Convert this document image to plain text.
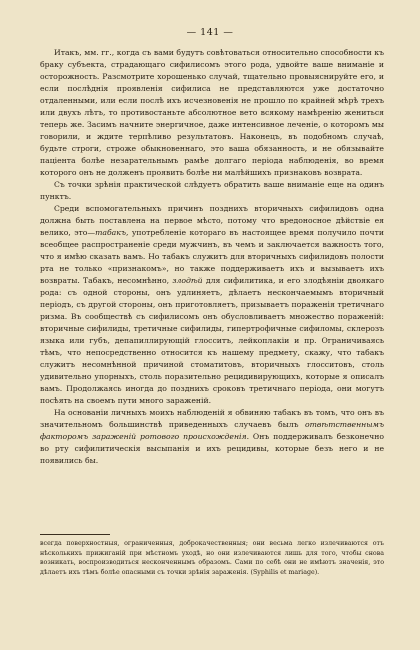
— 141 —

Итакъ, мм. гг., когда съ вами будутъ совѣтоваться относительно способности къ браку субъекта, страдающаго сифилисомъ этого рода, удвойте ваше вниманіе и осторожность. Разсмотрите хорошенько случай, тщательно провыяснируйте его, и если послѣднія проявленія сифилиса не представляются уже достаточно отдаленными, или если послѣ ихъ исчезновенія не прошло по крайней мѣрѣ трехъ или двухъ лѣтъ, то противостаньте абсолютное вето всякому намѣренію жениться теперь же. Засимъ начните энергичное, даже интенсивное леченіе, о которомъ мы говорили, и ждите терпѣливо результатовъ. Наконецъ, въ подобномъ случаѣ, будьте строги, строже обыкновеннаго, это ваша обязанность, и не обязывайте паціента болѣе незарательнымъ рамѣе долгаго періода наблюденія, во время которого онъ не долженъ проявить болѣе ни малѣйшихъ признаковъ возврата.

Съ точки зрѣнія практической слѣдуетъ обратить ваше вниманіе еще на одинъ пунктъ.

Среди вспомогательныхъ причинъ позднихъ вторичныхъ сифилидовъ одна должна быть поставлена на первое мѣсто, потому что вредоносное дѣйствіе ея велико, это—табакъ, употребленіе котораго въ настоящее время получило почти всеобщее распространеніе среди мужчинъ, въ чемъ и заключается важность того, что я имѣю сказать вамъ. Но табакъ служитъ для вторичныхъ сифилидовъ полости рта не только «признакомъ», но также поддерживаетъ ихъ и вызываетъ ихъ возвраты. Табакъ, несомнѣнно, злодѣй для сифилитика, и его злодѣяніи двоякаго рода: съ одной стороны, онъ удлиняетъ, дѣлаетъ нескончаемымъ вторичный періодъ, съ другой стороны, онъ приготовляетъ, призываетъ пораженія третичнаго ризма. Въ сообществѣ съ сифилисомъ онъ обусловливаетъ множество пораженій: вторичные сифилиды, третичные сифилиды, гипертрофичные сифиломы, склерозъ языка или губъ, депапиллирующій глосситъ, лейкоплакіи и пр. Ограничиваясь тѣмъ, что непосредственно относится къ нашему предмету, скажу, что табакъ служитъ несомнѣнной причиной стоматитовъ, вторичныхъ глосситовъ, столь удивительно упорныхъ, столь поразительно рецидивирующихъ, которые я описалъ вамъ. Продолжаясь иногда до позднихъ сроковъ третичнаго періода, они могутъ посѣять на своемъ пути много зараженій.

На основаніи личныхъ моихъ наблюденій я обвиняю табакъ въ томъ, что онъ въ значительномъ большинствѣ приведенныхъ случаевъ былъ отвѣтственнымъ факторомъ зараженій ротового происхожденія. Онъ поддерживалъ безконечно во рту сифилитическія высыпанія и ихъ рецидивы, которые безъ него и не появились бы.

всегда поверхностныя, ограниченныя, доброкачественныя; они весьма легко излечиваются отъ нѣсколькихъ прижиганій при мѣстномъ уходѣ, но они излечиваются лишь для того, чтобы снова возникать, воспроизводиться несконченнымъ образомъ. Сами по себѣ они не имѣютъ значенія, это дѣлаетъ ихъ тѣмъ болѣе опасными съ точки зрѣнія зараженія. (Syphilis et mariage).
